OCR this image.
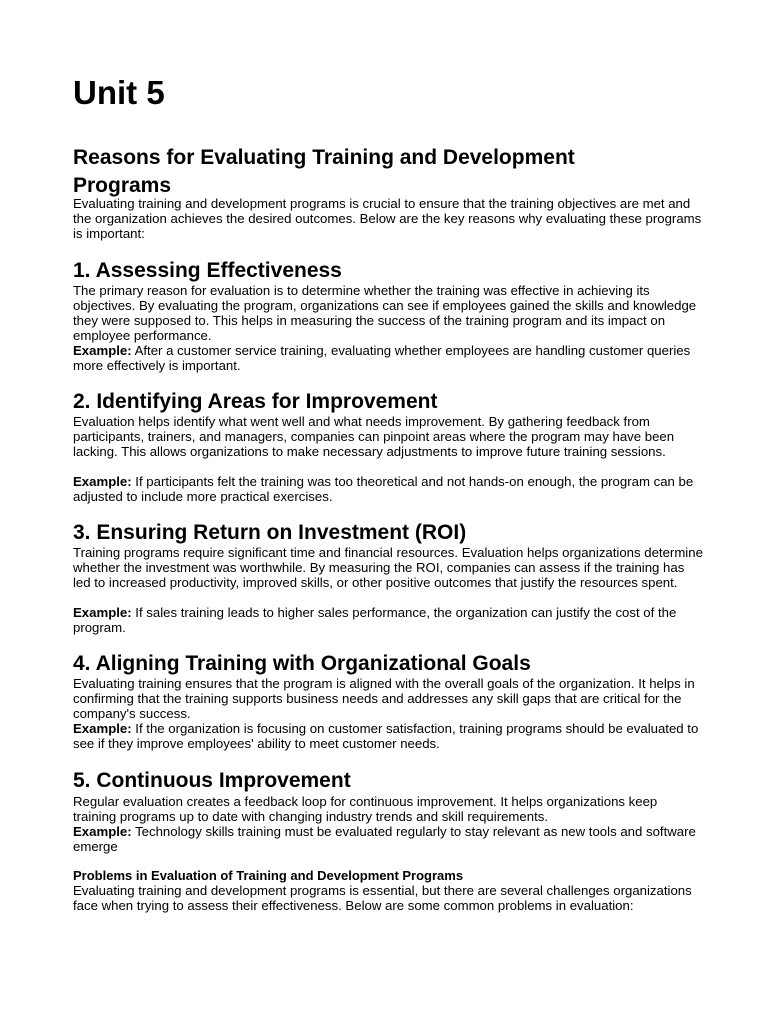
Unit 5
Reasons for Evaluating Training and Development Programs

Evaluating training and development programs is crucial to ensure that the training objectives are met and the organization achieves the desired outcomes. Below are the key reasons why evaluating these programs is important:

1. Assessing Effectiveness

The primary reason for evaluation is to determine whether the training was effective in achieving its objectives. By evaluating the program, organizations can see if employees gained the skills and knowledge they were supposed to. This helps in measuring the success of the training program and its impact on employee performance.

Example: After a customer service training, evaluating whether employees are handling customer queries more effectively is important.

2. Identifying Areas for Improvement

Evaluation helps identify what went well and what needs improvement. By gathering feedback from participants, trainers, and managers, companies can pinpoint areas where the program may have been lacking. This allows organizations to make necessary adjustments to improve future training sessions.

Example: If participants felt the training was too theoretical and not hands-on enough, the program can be adjusted to include more practical exercises.

3. Ensuring Return on Investment (ROI)

Training programs require significant time and financial resources. Evaluation helps organizations determine whether the investment was worthwhile. By measuring the ROI, companies can assess if the training has led to increased productivity, improved skills, or other positive outcomes that justify the resources spent.

Example: If sales training leads to higher sales performance, the organization can justify the cost of the program.

4. Aligning Training with Organizational Goals

Evaluating training ensures that the program is aligned with the overall goals of the organization. It helps in confirming that the training supports business needs and addresses any skill gaps that are critical for the company's success.

Example: If the organization is focusing on customer satisfaction, training programs should be evaluated to see if they improve employees' ability to meet customer needs.

5. Continuous Improvement

Regular evaluation creates a feedback loop for continuous improvement. It helps organizations keep training programs up to date with changing industry trends and skill requirements.

Example: Technology skills training must be evaluated regularly to stay relevant as new tools and software emerge

Problems in Evaluation of Training and Development Programs

Evaluating training and development programs is essential, but there are several challenges organizations face when trying to assess their effectiveness. Below are some common problems in evaluation:
